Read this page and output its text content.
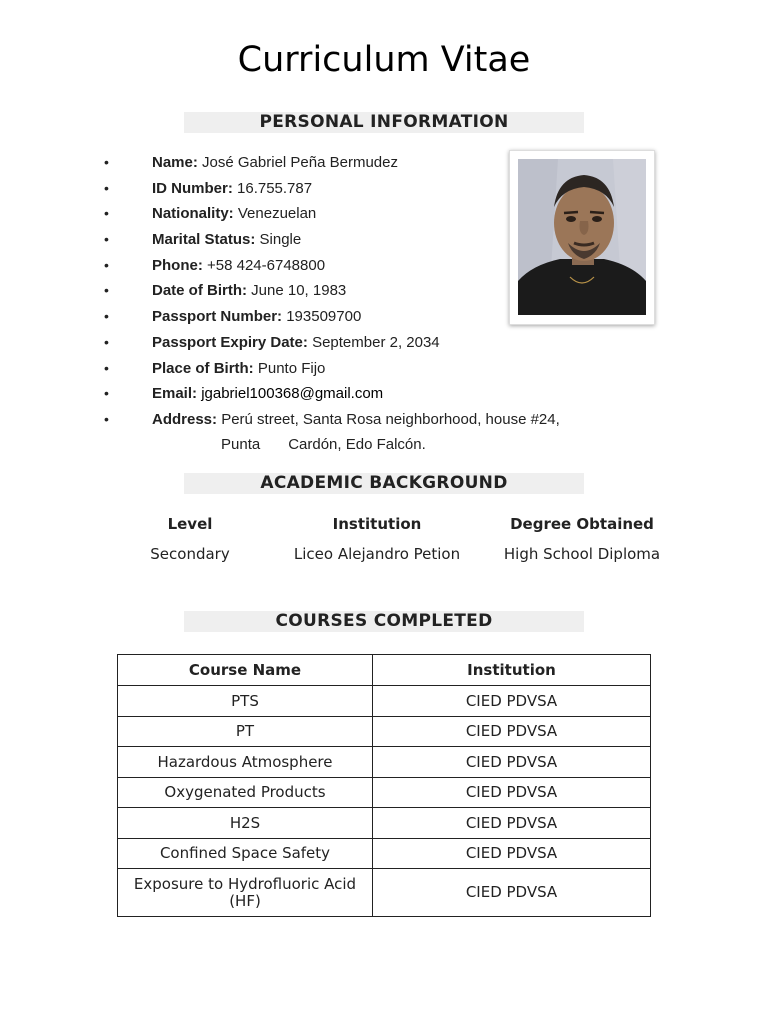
Curriculum Vitae
PERSONAL INFORMATION
•	Name: José Gabriel Peña Bermudez
•	ID Number: 16.755.787
•	Nationality: Venezuelan
•	Marital Status: Single
•	Phone: +58 424-6748800
•	Date of Birth: June 10, 1983
•	Passport Number: 193509700
•	Passport Expiry Date: September 2, 2034
•	Place of Birth: Punto Fijo
•	Email: jgabriel100368@gmail.com
•	Address: Perú street, Santa Rosa neighborhood, house #24,
Punta Cardón, Edo Falcón.
ACADEMIC BACKGROUND
Level	Institution	Degree Obtained
Secondary	Liceo Alejandro Petion	High School Diploma
COURSES COMPLETED
Course Name	Institution
PTS	CIED PDVSA
PT	CIED PDVSA
Hazardous Atmosphere	CIED PDVSA
Oxygenated Products	CIED PDVSA
H2S	CIED PDVSA
Confined Space Safety	CIED PDVSA
Exposure to Hydrofluoric Acid (HF)	CIED PDVSA
